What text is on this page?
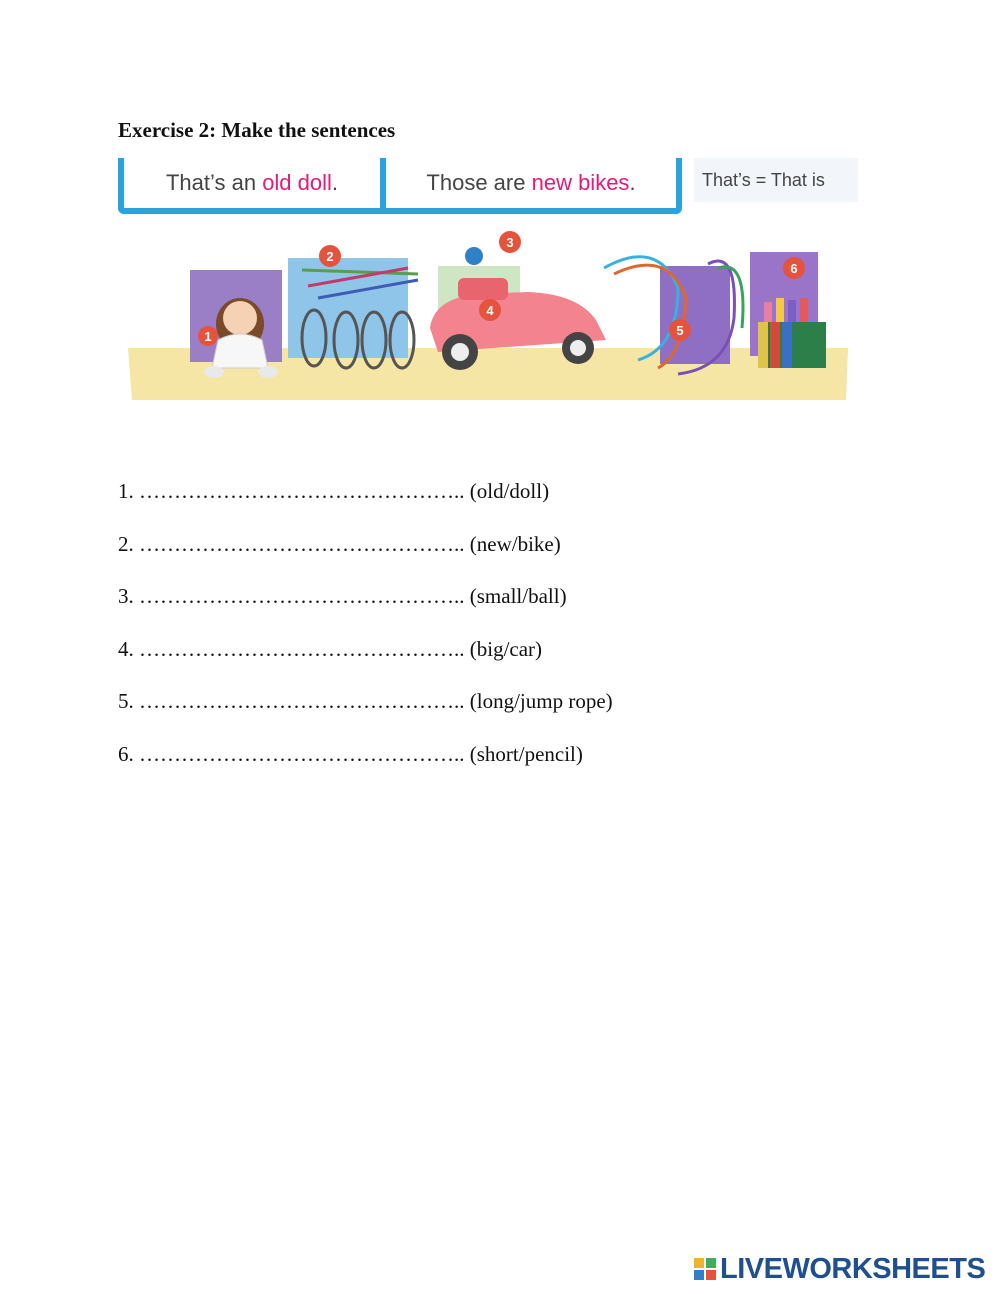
Exercise 2: Make the sentences
That’s an old doll .	Those are new bikes .	That’s = That is
1
2
3
4
5
6
1. ……………………………………….. (old/doll)
2. ……………………………………….. (new/bike)
3. ……………………………………….. (small/ball)
4. ……………………………………….. (big/car)
5. ……………………………………….. (long/jump rope)
6. ……………………………………….. (short/pencil)
LIVEWORKSHEETS
